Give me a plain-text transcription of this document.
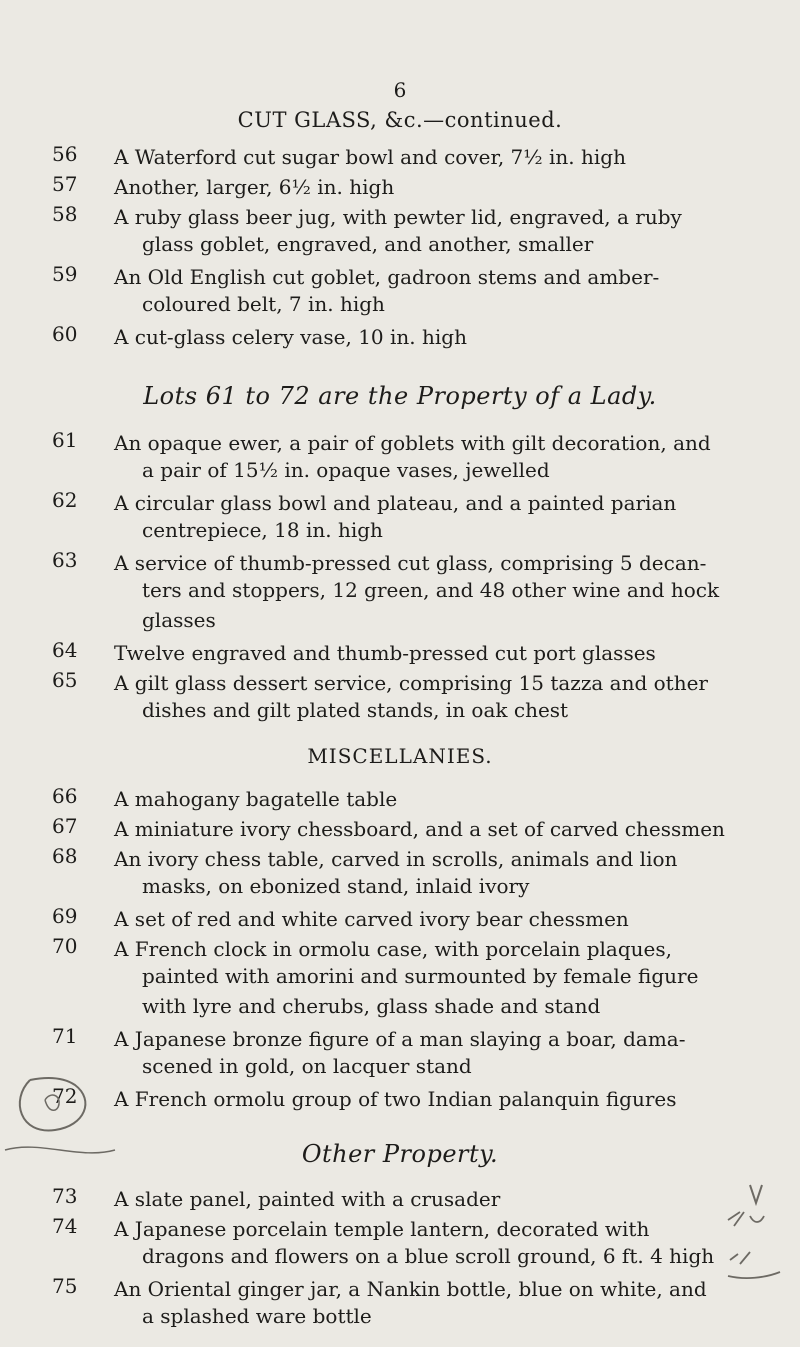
6
CUT GLASS, &c.—continued.
56	A Waterford cut sugar bowl and cover, 7½ in. high
57	Another, larger, 6½ in. high
58	A ruby glass beer jug, with pewter lid, engraved, a ruby
glass goblet, engraved, and another, smaller
59	An Old English cut goblet, gadroon stems and amber-
coloured belt, 7 in. high
60	A cut-glass celery vase, 10 in. high
Lots 61 to 72 are the Property of a Lady.
61	An opaque ewer, a pair of goblets with gilt decoration, and
a pair of 15½ in. opaque vases, jewelled
62	A circular glass bowl and plateau, and a painted parian
centrepiece, 18 in. high
63	A service of thumb-pressed cut glass, comprising 5 decan-
ters and stoppers, 12 green, and 48 other wine and hock
glasses
64	Twelve engraved and thumb-pressed cut port glasses
65	A gilt glass dessert service, comprising 15 tazza and other
dishes and gilt plated stands, in oak chest
MISCELLANIES.
66	A mahogany bagatelle table
67	A miniature ivory chessboard, and a set of carved chessmen
68	An ivory chess table, carved in scrolls, animals and lion
masks, on ebonized stand, inlaid ivory
69	A set of red and white carved ivory bear chessmen
70	A French clock in ormolu case, with porcelain plaques,
painted with amorini and surmounted by female figure
with lyre and cherubs, glass shade and stand
71	A Japanese bronze figure of a man slaying a boar, dama-
scened in gold, on lacquer stand
72	A French ormolu group of two Indian palanquin figures
Other Property.
73	A slate panel, painted with a crusader
74	A Japanese porcelain temple lantern, decorated with
dragons and flowers on a blue scroll ground, 6 ft. 4 high
75	An Oriental ginger jar, a Nankin bottle, blue on white, and
a splashed ware bottle
